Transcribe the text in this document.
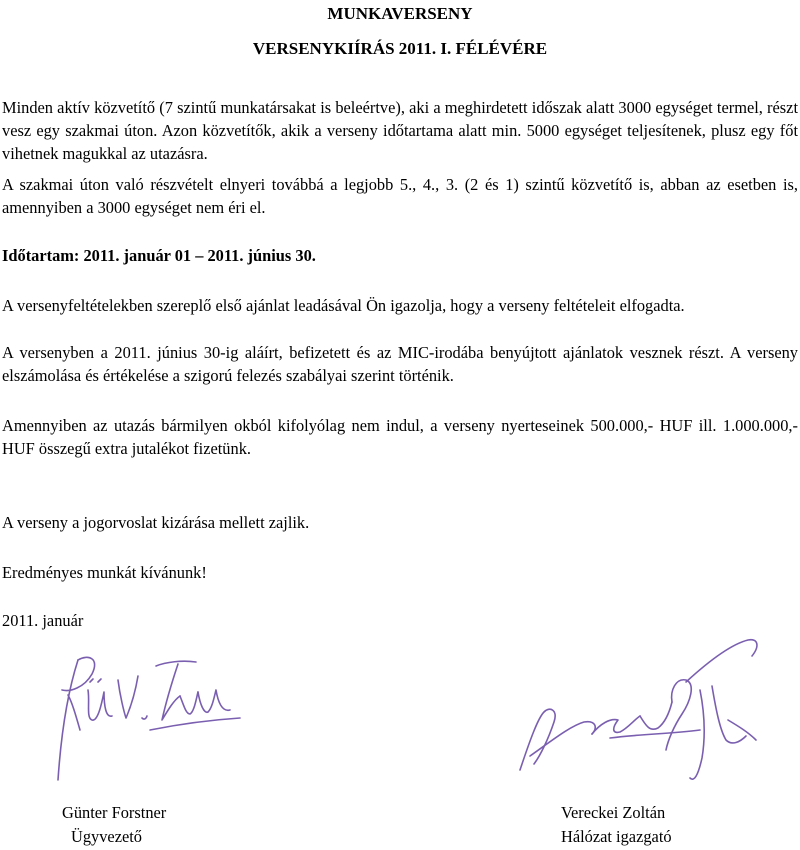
MUNKAVERSENY
VERSENYKIÍRÁS 2011. I. FÉLÉVÉRE
Minden aktív közvetítő (7 szintű munkatársakat is beleértve), aki a meghirdetett időszak alatt 3000 egységet termel, részt vesz egy szakmai úton. Azon közvetítők, akik a verseny időtartama alatt min. 5000 egységet teljesítenek, plusz egy főt vihetnek magukkal az utazásra.
A szakmai úton való részvételt elnyeri továbbá a legjobb 5., 4., 3. (2 és 1) szintű közvetítő is, abban az esetben is, amennyiben a 3000 egységet nem éri el.
Időtartam: 2011. január 01 – 2011. június 30.
A versenyfeltételekben szereplő első ajánlat leadásával Ön igazolja, hogy a verseny feltételeit elfogadta.
A versenyben a 2011. június 30-ig aláírt, befizetett és az MIC-irodába benyújtott ajánlatok vesznek részt. A verseny elszámolása és értékelése a szigorú felezés szabályai szerint történik.
Amennyiben az utazás bármilyen okból kifolyólag nem indul, a verseny nyerteseinek 500.000,- HUF ill. 1.000.000,- HUF összegű extra jutalékot fizetünk.
A verseny a jogorvoslat kizárása mellett zajlik.
Eredményes munkát kívánunk!
2011. január
Günter Forstner
Ügyvezető
Vereckei Zoltán
Hálózat igazgató
